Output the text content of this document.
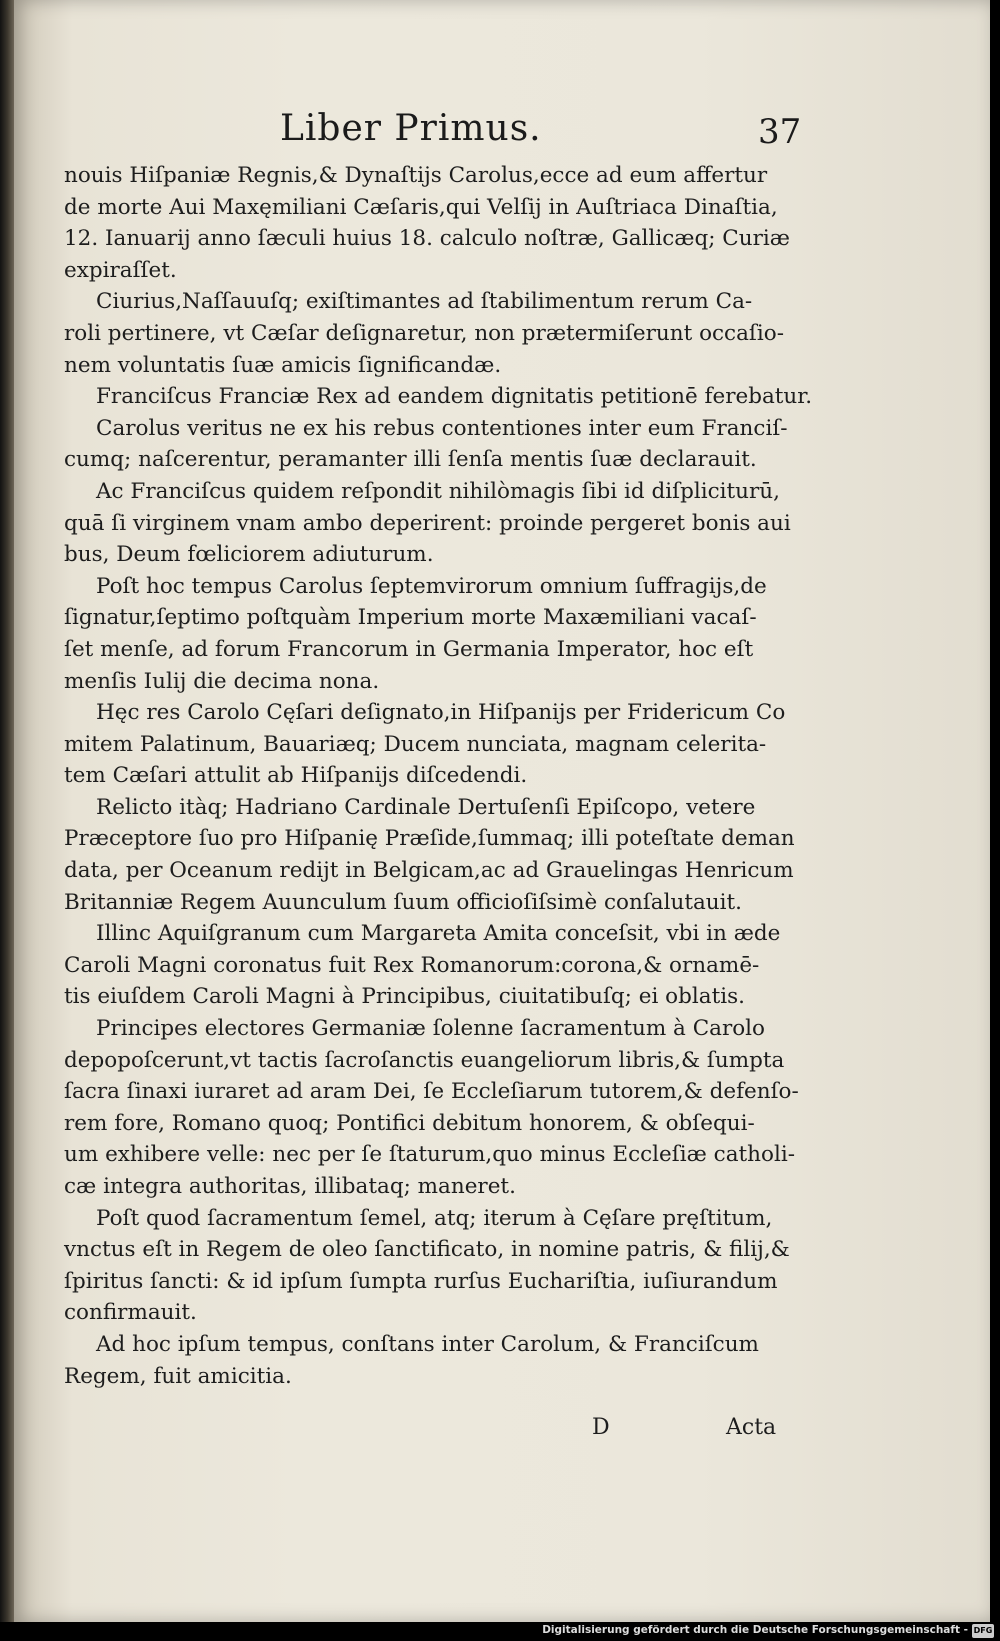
Liber Primus.	37
nouis Hiſpaniæ Regnis,& Dynaſtijs Carolus,ecce ad eum affertur
de morte Aui Maxęmiliani Cæſaris,qui Velſij in Auſtriaca Dinaſtia,
12. Ianuarij anno ſæculi huius 18. calculo noſtræ, Gallicæq; Curiæ
expiraſſet.
Ciurius,Naſſauuſq; exiſtimantes ad ſtabilimentum rerum Ca-
roli pertinere, vt Cæſar deſignaretur, non prætermiſerunt occaſio-
nem voluntatis ſuæ amicis ſignificandæ.
Franciſcus Franciæ Rex ad eandem dignitatis petitionē ferebatur.
Carolus veritus ne ex his rebus contentiones inter eum Franciſ-
cumq; naſcerentur, peramanter illi ſenſa mentis ſuæ declarauit.
Ac Franciſcus quidem reſpondit nihilòmagis ſibi id diſpliciturū,
quā ſi virginem vnam ambo deperirent: proinde pergeret bonis aui
bus, Deum fœliciorem adiuturum.
Poſt hoc tempus Carolus ſeptemvirorum omnium ſuffragijs,de
ſignatur,ſeptimo poſtquàm Imperium morte Maxæmiliani vacaſ-
ſet menſe, ad forum Francorum in Germania Imperator, hoc eſt
menſis Iulij die decima nona.
Hęc res Carolo Cęſari deſignato,in Hiſpanijs per Fridericum Co
mitem Palatinum, Bauariæq; Ducem nunciata, magnam celerita-
tem Cæſari attulit ab Hiſpanijs diſcedendi.
Relicto itàq; Hadriano Cardinale Dertuſenſi Epiſcopo, vetere
Præceptore ſuo pro Hiſpanię Præſide,ſummaq; illi poteſtate deman
data, per Oceanum redijt in Belgicam,ac ad Grauelingas Henricum
Britanniæ Regem Auunculum ſuum officioſiſsimè conſalutauit.
Illinc Aquiſgranum cum Margareta Amita conceſsit, vbi in æde
Caroli Magni coronatus fuit Rex Romanorum:corona,& ornamē-
tis eiuſdem Caroli Magni à Principibus, ciuitatibuſq; ei oblatis.
Principes electores Germaniæ ſolenne ſacramentum à Carolo
depopoſcerunt,vt tactis ſacroſanctis euangeliorum libris,& ſumpta
ſacra ſinaxi iuraret ad aram Dei, ſe Eccleſiarum tutorem,& defenſo-
rem fore, Romano quoq; Pontifici debitum honorem, & obſequi-
um exhibere velle: nec per ſe ſtaturum,quo minus Eccleſiæ catholi-
cæ integra authoritas, illibataq; maneret.
Poſt quod ſacramentum ſemel, atq; iterum à Cęſare pręſtitum,
vnctus eſt in Regem de oleo ſanctificato, in nomine patris, & filij,&
ſpiritus ſancti: & id ipſum ſumpta rurſus Euchariſtia, iuſiurandum
confirmauit.
Ad hoc ipſum tempus, conſtans inter Carolum, & Franciſcum
Regem, fuit amicitia.
D	Acta
Digitalisierung gefördert durch die Deutsche Forschungsgemeinschaft - DFG
